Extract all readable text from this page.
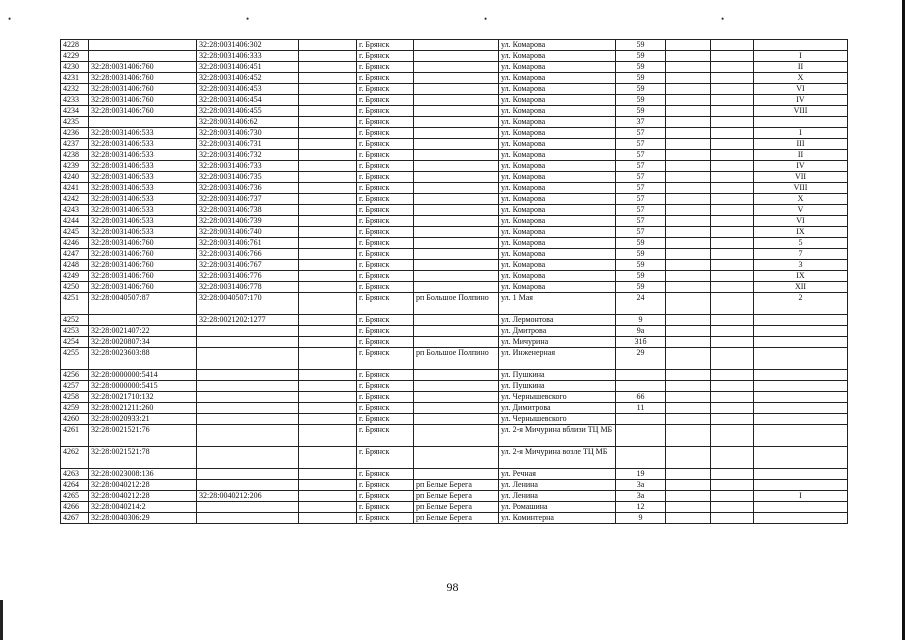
•	•	•	•
4228		32:28:0031406:302		г. Брянск		ул. Комарова	59			
4229		32:28:0031406:333		г. Брянск		ул. Комарова	59			I
4230	32:28:0031406:760	32:28:0031406:451		г. Брянск		ул. Комарова	59			II
4231	32:28:0031406:760	32:28:0031406:452		г. Брянск		ул. Комарова	59			X
4232	32:28:0031406:760	32:28:0031406:453		г. Брянск		ул. Комарова	59			VI
4233	32:28:0031406:760	32:28:0031406:454		г. Брянск		ул. Комарова	59			IV
4234	32:28:0031406:760	32:28:0031406:455		г. Брянск		ул. Комарова	59			VIII
4235		32:28:0031406:62		г. Брянск		ул. Комарова	37			
4236	32:28:0031406:533	32:28:0031406:730		г. Брянск		ул. Комарова	57			I
4237	32:28:0031406:533	32:28:0031406:731		г. Брянск		ул. Комарова	57			III
4238	32:28:0031406:533	32:28:0031406:732		г. Брянск		ул. Комарова	57			II
4239	32:28:0031406:533	32:28:0031406:733		г. Брянск		ул. Комарова	57			IV
4240	32:28:0031406:533	32:28:0031406:735		г. Брянск		ул. Комарова	57			VII
4241	32:28:0031406:533	32:28:0031406:736		г. Брянск		ул. Комарова	57			VIII
4242	32:28:0031406:533	32:28:0031406:737		г. Брянск		ул. Комарова	57			X
4243	32:28:0031406:533	32:28:0031406:738		г. Брянск		ул. Комарова	57			V
4244	32:28:0031406:533	32:28:0031406:739		г. Брянск		ул. Комарова	57			VI
4245	32:28:0031406:533	32:28:0031406:740		г. Брянск		ул. Комарова	57			IX
4246	32:28:0031406:760	32:28:0031406:761		г. Брянск		ул. Комарова	59			5
4247	32:28:0031406:760	32:28:0031406:766		г. Брянск		ул. Комарова	59			7
4248	32:28:0031406:760	32:28:0031406:767		г. Брянск		ул. Комарова	59			3
4249	32:28:0031406:760	32:28:0031406:776		г. Брянск		ул. Комарова	59			IX
4250	32:28:0031406:760	32:28:0031406:778		г. Брянск		ул. Комарова	59			XII
4251	32:28:0040507:87	32:28:0040507:170		г. Брянск	рп Большое Полпино	ул. 1 Мая	24			2
4252		32:28:0021202:1277		г. Брянск		ул. Лермонтова	9			
4253	32:28:0021407:22			г. Брянск		ул. Дмитрова	9а			
4254	32:28:0020807:34			г. Брянск		ул. Мичурина	31б			
4255	32:28:0023603:88			г. Брянск	рп Большое Полпино	ул. Инженерная	29			
4256	32:28:0000000:5414			г. Брянск		ул. Пушкина				
4257	32:28:0000000:5415			г. Брянск		ул. Пушкина				
4258	32:28:0021710:132			г. Брянск		ул. Чернышевского	66			
4259	32:28:0021211:260			г. Брянск		ул. Димитрова	11			
4260	32:28:0020933:21			г. Брянск		ул. Чернышевского				
4261	32:28:0021521:76			г. Брянск		ул. 2-я Мичурина вблизи ТЦ МБ				
4262	32:28:0021521:78			г. Брянск		ул. 2-я Мичурина возле ТЦ МБ				
4263	32:28:0023008:136			г. Брянск		ул. Речная	19			
4264	32:28:0040212:28			г. Брянск	рп Белые Берега	ул. Ленина	3а			
4265	32:28:0040212:28	32:28:0040212:206		г. Брянск	рп Белые Берега	ул. Ленина	3а			I
4266	32:28:0040214:2			г. Брянск	рп Белые Берега	ул. Ромашина	12			
4267	32:28:0040306:29			г. Брянск	рп Белые Берега	ул. Коминтерна	9			
98
